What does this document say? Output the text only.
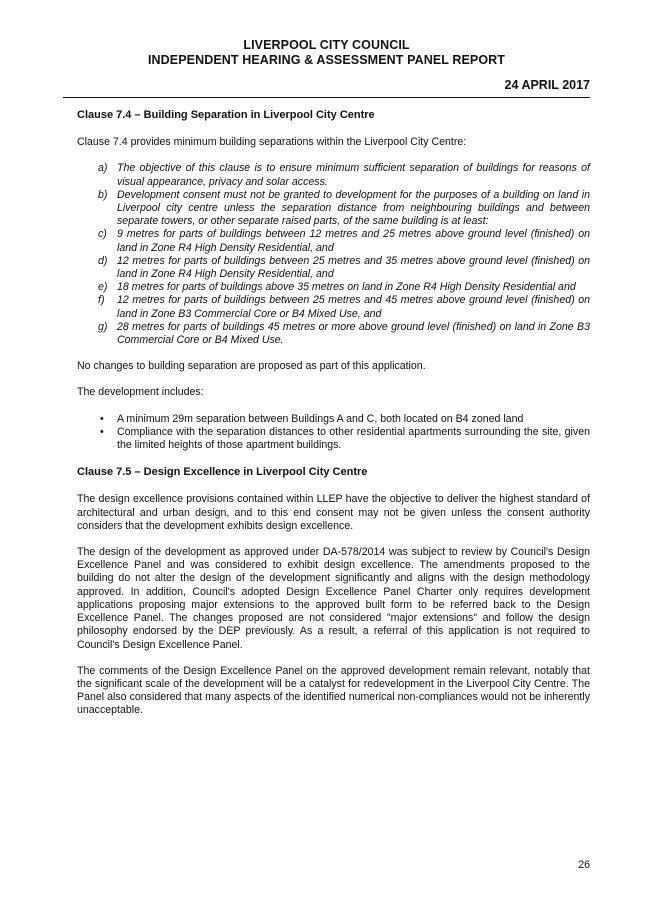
LIVERPOOL CITY COUNCIL
INDEPENDENT HEARING & ASSESSMENT PANEL REPORT
24 APRIL 2017
Clause 7.4 – Building Separation in Liverpool City Centre
Clause 7.4 provides minimum building separations within the Liverpool City Centre:
a) The objective of this clause is to ensure minimum sufficient separation of buildings for reasons of visual appearance, privacy and solar access.
b) Development consent must not be granted to development for the purposes of a building on land in Liverpool city centre unless the separation distance from neighbouring buildings and between separate towers, or other separate raised parts, of the same building is at least:
c) 9 metres for parts of buildings between 12 metres and 25 metres above ground level (finished) on land in Zone R4 High Density Residential, and
d) 12 metres for parts of buildings between 25 metres and 35 metres above ground level (finished) on land in Zone R4 High Density Residential, and
e) 18 metres for parts of buildings above 35 metres on land in Zone R4 High Density Residential and
f) 12 metres for parts of buildings between 25 metres and 45 metres above ground level (finished) on land in Zone B3 Commercial Core or B4 Mixed Use, and
g) 28 metres for parts of buildings 45 metres or more above ground level (finished) on land in Zone B3 Commercial Core or B4 Mixed Use.
No changes to building separation are proposed as part of this application.
The development includes:
• A minimum 29m separation between Buildings A and C, both located on B4 zoned land
• Compliance with the separation distances to other residential apartments surrounding the site, given the limited heights of those apartment buildings.
Clause 7.5 – Design Excellence in Liverpool City Centre
The design excellence provisions contained within LLEP have the objective to deliver the highest standard of architectural and urban design, and to this end consent may not be given unless the consent authority considers that the development exhibits design excellence.
The design of the development as approved under DA-578/2014 was subject to review by Council's Design Excellence Panel and was considered to exhibit design excellence. The amendments proposed to the building do not alter the design of the development significantly and aligns with the design methodology approved. In addition, Council's adopted Design Excellence Panel Charter only requires development applications proposing major extensions to the approved built form to be referred back to the Design Excellence Panel. The changes proposed are not considered "major extensions" and follow the design philosophy endorsed by the DEP previously. As a result, a referral of this application is not required to Council's Design Excellence Panel.
The comments of the Design Excellence Panel on the approved development remain relevant, notably that the significant scale of the development will be a catalyst for redevelopment in the Liverpool City Centre. The Panel also considered that many aspects of the identified numerical non-compliances would not be inherently unacceptable.
26
